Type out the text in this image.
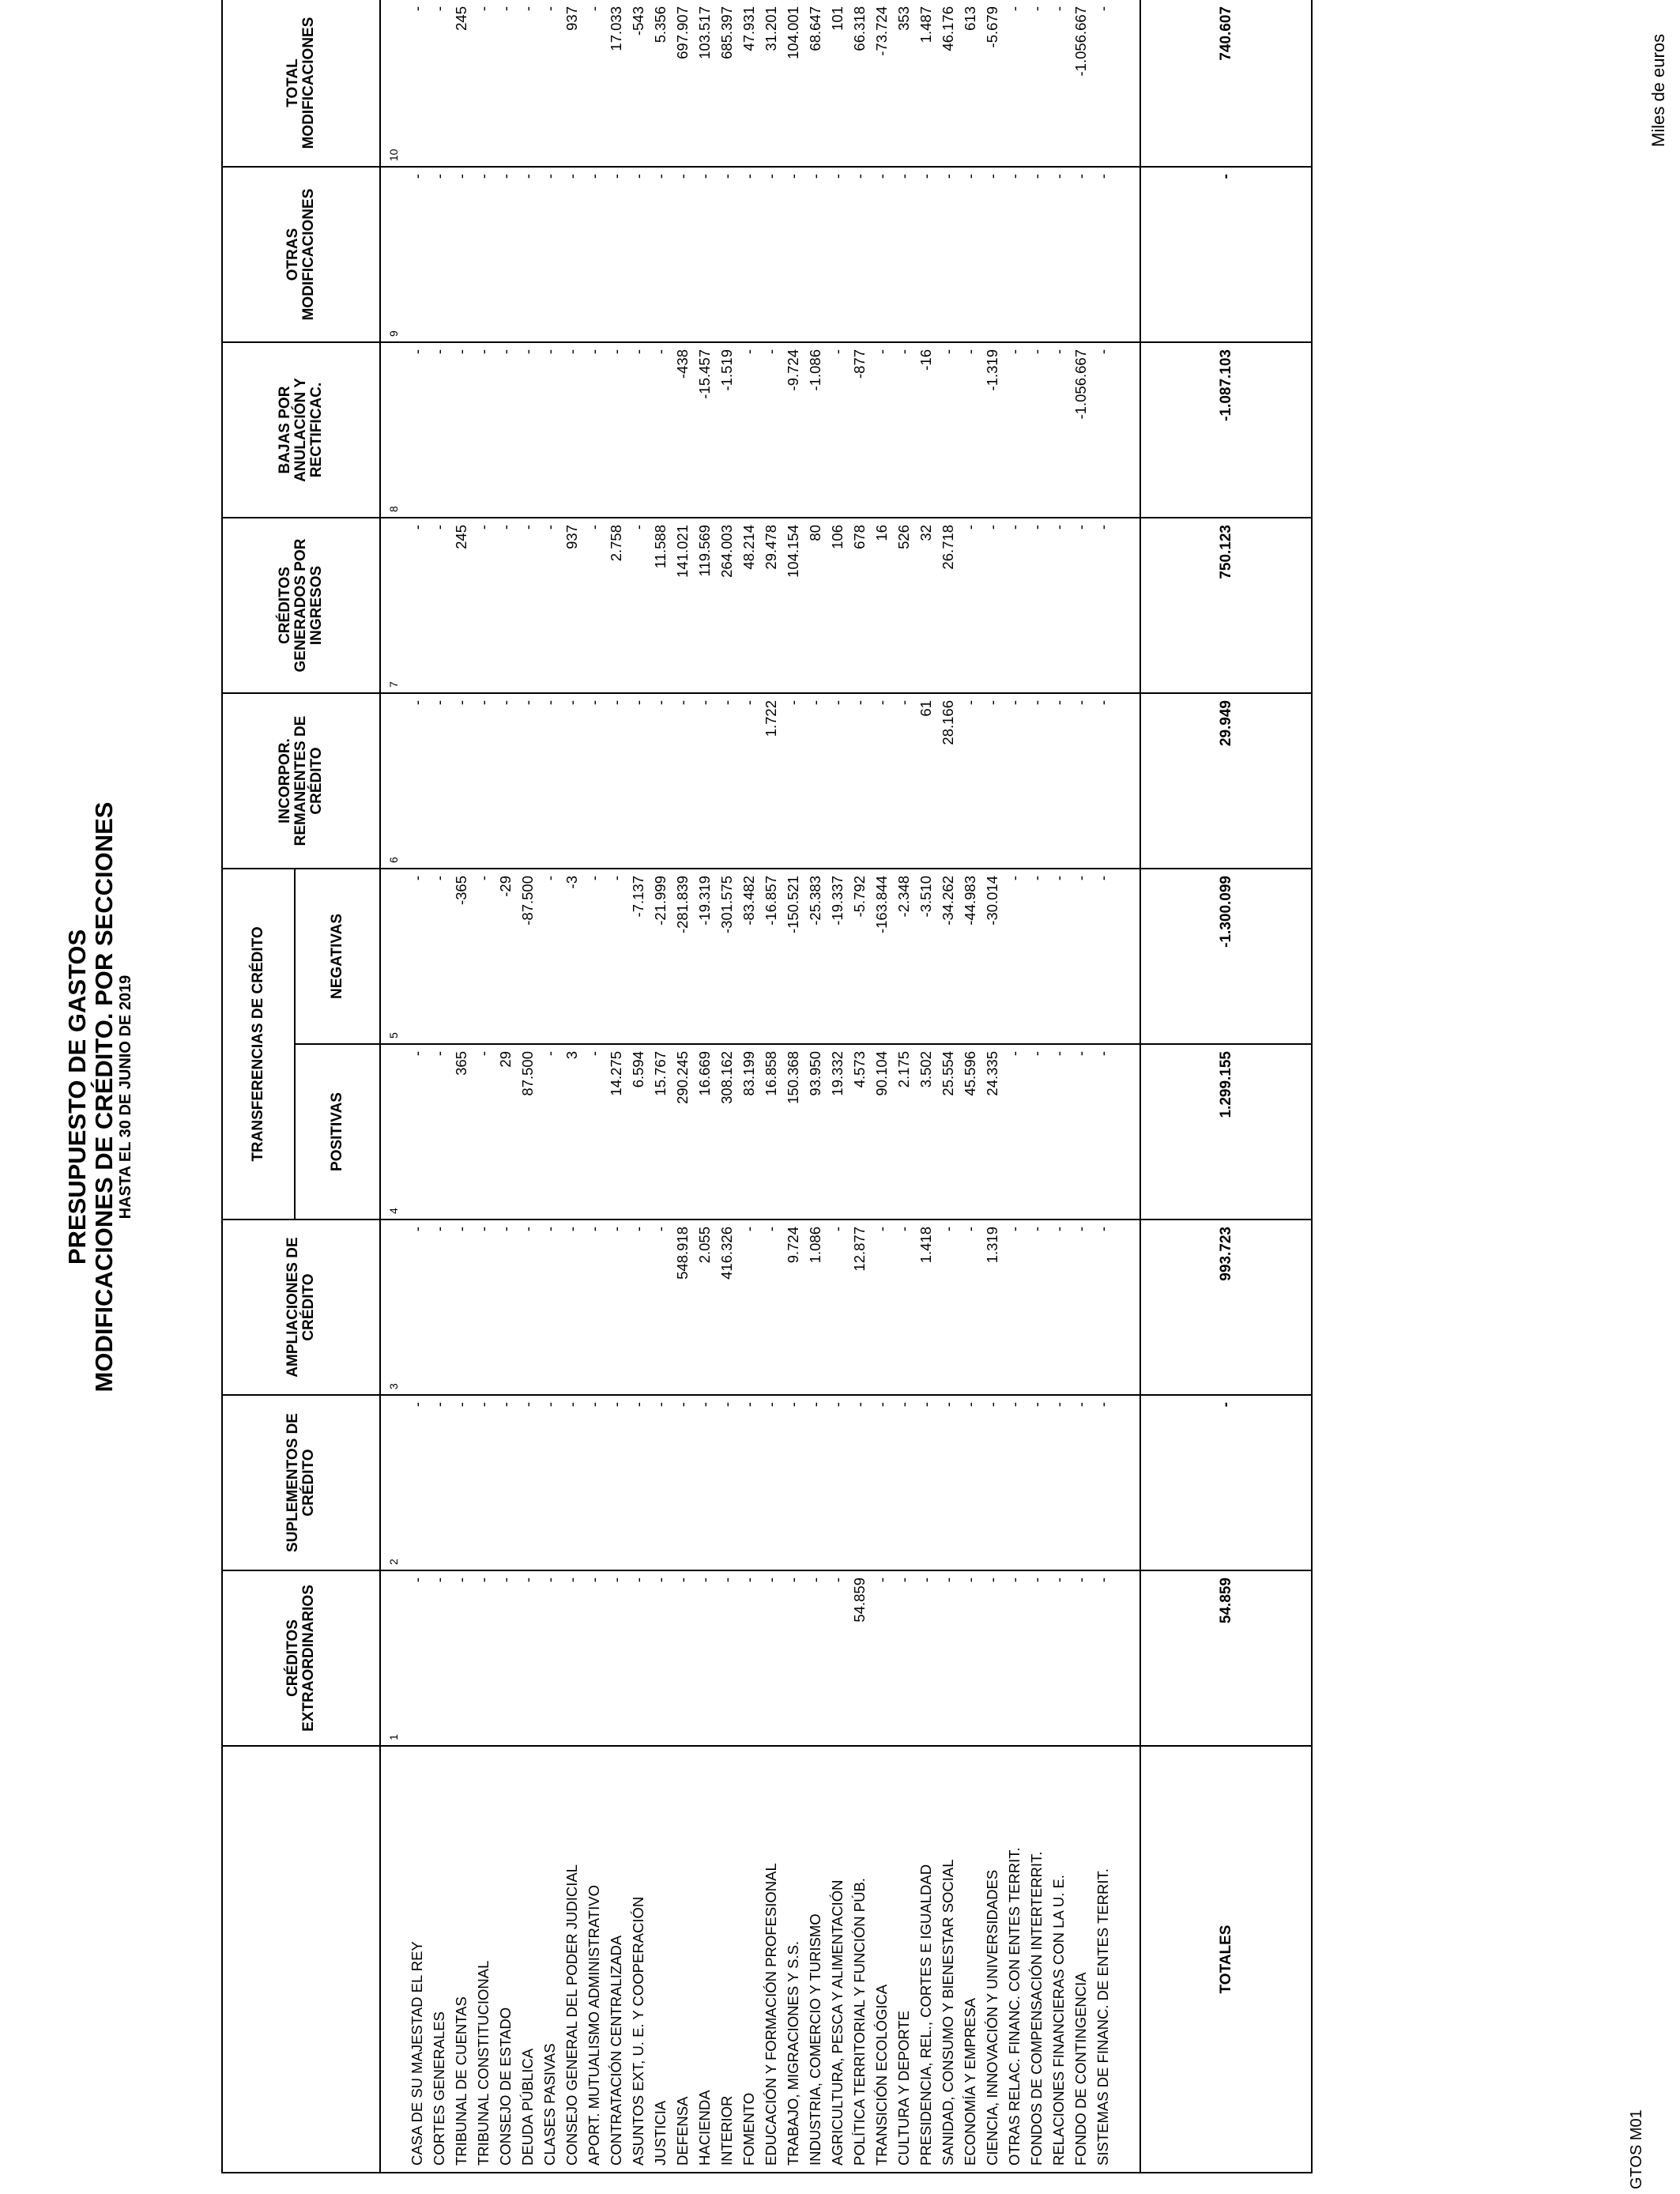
PRESUPUESTO DE GASTOS MODIFICACIONES DE CRÉDITO. POR SECCIONES HASTA EL 30 DE JUNIO DE 2019
Miles de euros
	CRÉDITOS EXTRAORDINARIOS	SUPLEMENTOS DE CRÉDITO	AMPLIACIONES DE CRÉDITO	TRANSFERENCIAS DE CRÉDITO		INCORPOR. REMANENTES DE CRÉDITO	CRÉDITOS GENERADOS POR INGRESOS	BAJAS POR ANULACIÓN Y RECTIFICAC.	OTRAS MODIFICACIONES	TOTAL MODIFICACIONES
				POSITIVAS	NEGATIVAS					
	1	2	3	4	5	6	7	8	9	10
CASA DE SU MAJESTAD EL REY	-	-	-	-	-	-	-	-	-	-
CORTES GENERALES	-	-	-	-	-	-	-	-	-	-
TRIBUNAL DE CUENTAS	-	-	-	365	-365	-	245	-	-	245
TRIBUNAL CONSTITUCIONAL	-	-	-	-	-	-	-	-	-	-
CONSEJO DE ESTADO	-	-	-	29	-29	-	-	-	-	-
DEUDA PÚBLICA	-	-	-	87.500	-87.500	-	-	-	-	-
CLASES PASIVAS	-	-	-	-	-	-	-	-	-	-
CONSEJO GENERAL DEL PODER JUDICIAL	-	-	-	3	-3	-	937	-	-	937
APORT. MUTUALISMO ADMINISTRATIVO	-	-	-	-	-	-	-	-	-	-
CONTRATACIÓN CENTRALIZADA	-	-	-	14.275	-	-	2.758	-	-	17.033
ASUNTOS EXT, U. E. Y COOPERACIÓN	-	-	-	6.594	-7.137	-	-	-	-	-543
JUSTICIA	-	-	-	15.767	-21.999	-	11.588	-	-	5.356
DEFENSA	-	-	548.918	290.245	-281.839	-	141.021	-438	-	697.907
HACIENDA	-	-	2.055	16.669	-19.319	-	119.569	-15.457	-	103.517
INTERIOR	-	-	416.326	308.162	-301.575	-	264.003	-1.519	-	685.397
FOMENTO	-	-	-	83.199	-83.482	-	48.214	-	-	47.931
EDUCACIÓN Y FORMACIÓN PROFESIONAL	-	-	-	16.858	-16.857	1.722	29.478	-	-	31.201
TRABAJO, MIGRACIONES Y S.S.	-	-	9.724	150.368	-150.521	-	104.154	-9.724	-	104.001
INDUSTRIA, COMERCIO Y TURISMO	-	-	1.086	93.950	-25.383	-	80	-1.086	-	68.647
AGRICULTURA, PESCA Y ALIMENTACIÓN	-	-	-	19.332	-19.337	-	106	-	-	101
POLÍTICA TERRITORIAL Y FUNCIÓN PÚB.	54.859	-	12.877	4.573	-5.792	-	678	-877	-	66.318
TRANSICIÓN ECOLÓGICA	-	-	-	90.104	-163.844	-	16	-	-	-73.724
CULTURA Y DEPORTE	-	-	-	2.175	-2.348	-	526	-	-	353
PRESIDENCIA, REL., CORTES E IGUALDAD	-	-	1.418	3.502	-3.510	61	32	-16	-	1.487
SANIDAD, CONSUMO Y BIENESTAR SOCIAL	-	-	-	25.554	-34.262	28.166	26.718	-	-	46.176
ECONOMÍA Y EMPRESA	-	-	-	45.596	-44.983	-	-	-	-	613
CIENCIA, INNOVACIÓN Y UNIVERSIDADES	-	-	1.319	24.335	-30.014	-	-	-1.319	-	-5.679
OTRAS RELAC. FINANC. CON ENTES TERRIT.	-	-	-	-	-	-	-	-	-	-
FONDOS DE COMPENSACIÓN INTERTERRIT.	-	-	-	-	-	-	-	-	-	-
RELACIONES FINANCIERAS CON LA U. E.	-	-	-	-	-	-	-	-	-	-
FONDO DE CONTINGENCIA	-	-	-	-	-	-	-	-1.056.667	-	-1.056.667
SISTEMAS DE FINANC. DE ENTES TERRIT.	-	-	-	-	-	-	-	-	-	-

TOTALES	54.859	-	993.723	1.299.155	-1.300.099	29.949	750.123	-1.087.103	-	740.607
GTOS M01
